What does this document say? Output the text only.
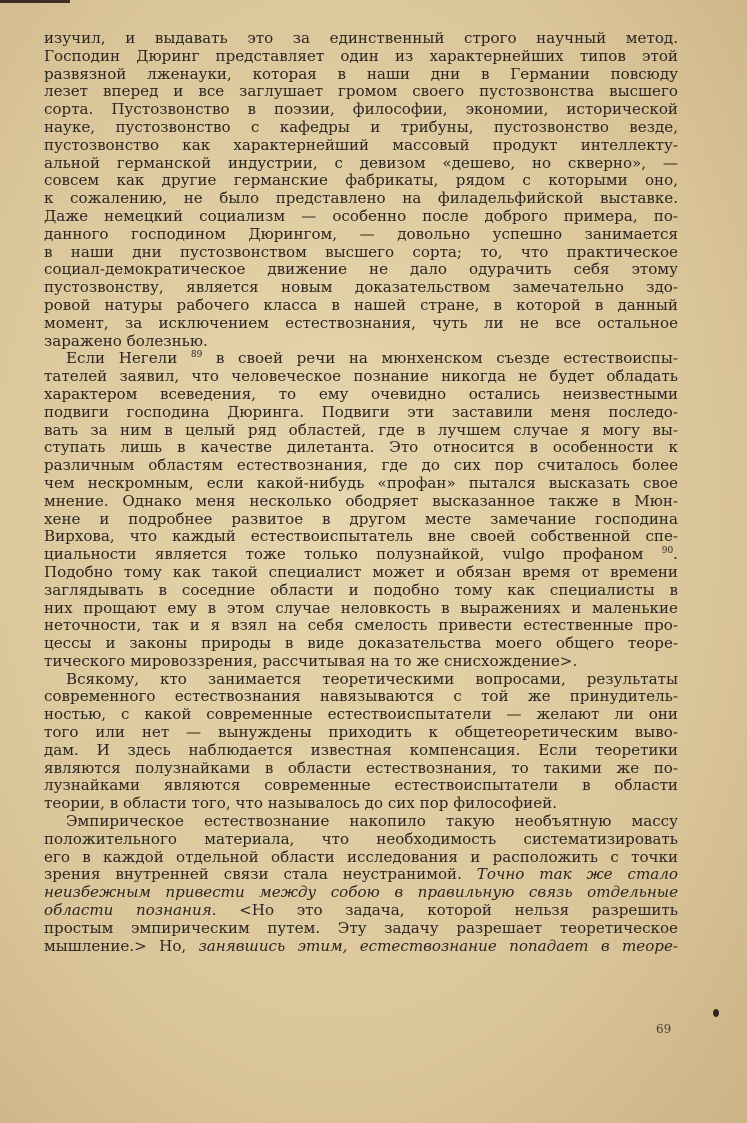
изучил, и выдавать это за единственный строго научный метод.
Господин Дюринг представляет один из характернейших типов этой
развязной лженауки, которая в наши дни в Германии повсюду
лезет вперед и все заглушает громом своего пустозвонства высшего
сорта. Пустозвонство в поэзии, философии, экономии, исторической
науке, пустозвонство с кафедры и трибуны, пустозвонство везде,
пустозвонство как характернейший массовый продукт интеллекту-
альной германской индустрии, с девизом «дешево, но скверно», —
совсем как другие германские фабрикаты, рядом с которыми оно,
к сожалению, не было представлено на филадельфийской выставке.
Даже немецкий социализм — особенно после доброго примера, по-
данного господином Дюрингом, — довольно успешно занимается
в наши дни пустозвонством высшего сорта; то, что практическое
социал-демократическое движение не дало одурачить себя этому
пустозвонству, является новым доказательством замечательно здо-
ровой натуры рабочего класса в нашей стране, в которой в данный
момент, за исключением естествознания, чуть ли не все остальное
заражено болезнью.
Если Негели $^{89}$ в своей речи на мюнхенском съезде естествоиспы-
тателей заявил, что человеческое познание никогда не будет обладать
характером всеведения, то ему очевидно остались неизвестными
подвиги господина Дюринга. Подвиги эти заставили меня последо-
вать за ним в целый ряд областей, где в лучшем случае я могу вы-
ступать лишь в качестве дилетанта. Это относится в особенности к
различным областям естествознания, где до сих пор считалось более
чем нескромным, если какой-нибудь «профан» пытался высказать свое
мнение. Однако меня несколько ободряет высказанное также в Мюн-
хене и подробнее развитое в другом месте замечание господина
Вирхова, что каждый естествоиспытатель вне своей собственной спе-
циальности является тоже только полузнайкой, vulgo профаном $^{90}$.
Подобно тому как такой специалист может и обязан время от времени
заглядывать в соседние области и подобно тому как специалисты в
них прощают ему в этом случае неловкость в выражениях и маленькие
неточности, так и я взял на себя смелость привести естественные про-
цессы и законы природы в виде доказательства моего общего теоре-
тического мировоззрения, рассчитывая на то же снисхождение>.
Всякому, кто занимается теоретическими вопросами, результаты
современного естествознания навязываются с той же принудитель-
ностью, с какой современные естествоиспытатели — желают ли они
того или нет — вынуждены приходить к общетеоретическим выво-
дам. И здесь наблюдается известная компенсация. Если теоретики
являются полузнайками в области естествознания, то такими же по-
лузнайками являются современные естествоиспытатели в области
теории, в области того, что называлось до сих пор философией.
Эмпирическое естествознание накопило такую необъятную массу
положительного материала, что необходимость систематизировать
его в каждой отдельной области исследования и расположить с точки
зрения внутренней связи стала неустранимой. Точно так же стало
неизбежным привести между собою в правильную связь отдельные
области познания. <Но это задача, которой нельзя разрешить
простым эмпирическим путем. Эту задачу разрешает теоретическое
мышление.> Но, занявшись этим, естествознание попадает в теоре-
69
